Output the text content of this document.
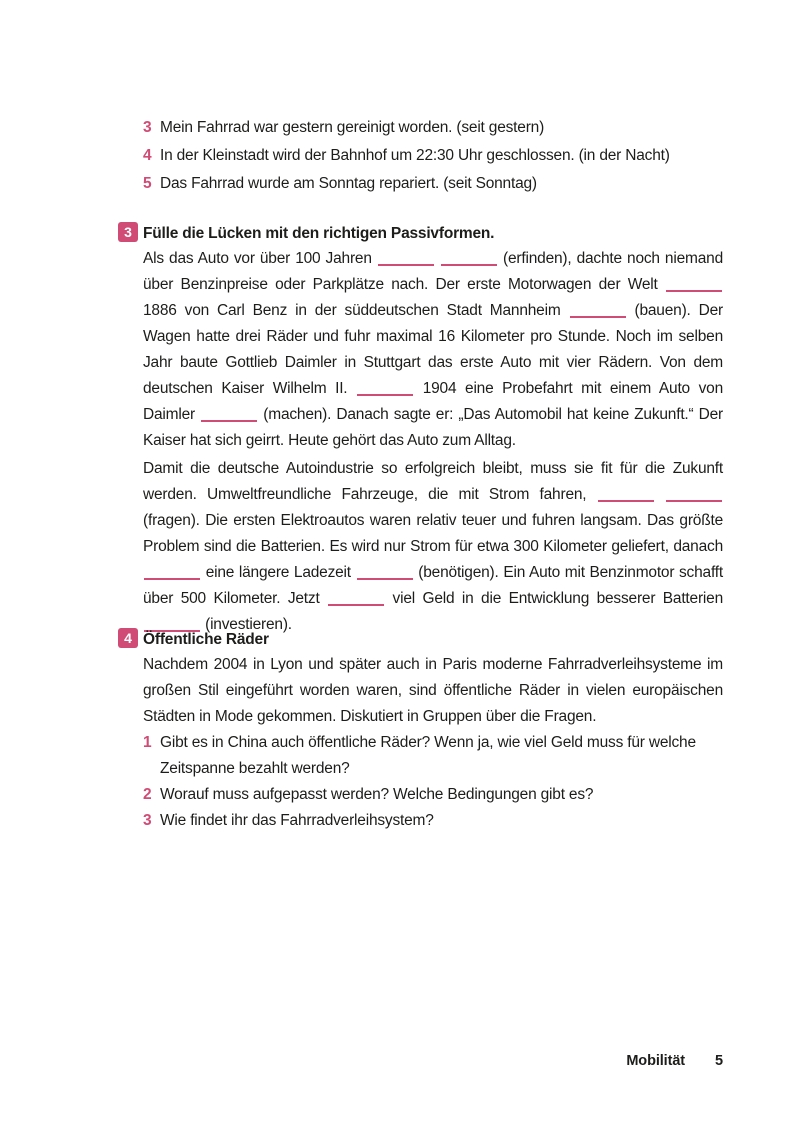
3 Mein Fahrrad war gestern gereinigt worden. (seit gestern)
4 In der Kleinstadt wird der Bahnhof um 22:30 Uhr geschlossen. (in der Nacht)
5 Das Fahrrad wurde am Sonntag repariert. (seit Sonntag)
3 Fülle die Lücken mit den richtigen Passivformen.

Als das Auto vor über 100 Jahren	(erfinden), dachte noch niemand über Benzinpreise oder Parkplätze nach. Der erste Motorwagen der Welt  1886 von Carl Benz in der süddeutschen Stadt Mannheim	(bauen). Der Wagen hatte drei Räder und fuhr maximal 16 Kilometer pro Stunde. Noch im selben Jahr baute Gottlieb Daimler in Stuttgart das erste Auto mit vier Rädern. Von dem deutschen Kaiser Wilhelm II.	1904 eine Probefahrt mit einem Auto von Daimler	(machen). Danach sagte er: „Das Automobil hat keine Zukunft.“ Der Kaiser hat sich geirrt. Heute gehört das Auto zum Alltag.

Damit die deutsche Autoindustrie so erfolgreich bleibt, muss sie fit für die Zukunft werden. Umweltfreundliche Fahrzeuge, die mit Strom fahren,   (fragen). Die ersten Elektroautos waren relativ teuer und fuhren langsam. Das größte Problem sind die Batterien. Es wird nur Strom für etwa 300 Kilometer geliefert, danach  eine längere Ladezeit	(benötigen). Ein Auto mit Benzinmotor schafft über 500 Kilometer. Jetzt	viel Geld in die Entwicklung besserer Batterien  (investieren).

4 Öffentliche Räder

Nachdem 2004 in Lyon und später auch in Paris moderne Fahrradverleihsysteme im großen Stil eingeführt worden waren, sind öffentliche Räder in vielen europäischen Städten in Mode gekommen. Diskutiert in Gruppen über die Fragen.

1 Gibt es in China auch öffentliche Räder? Wenn ja, wie viel Geld muss für welche Zeitspanne bezahlt werden?
2 Worauf muss aufgepasst werden? Welche Bedingungen gibt es?
3 Wie findet ihr das Fahrradverleihsystem?
Mobilität 5
